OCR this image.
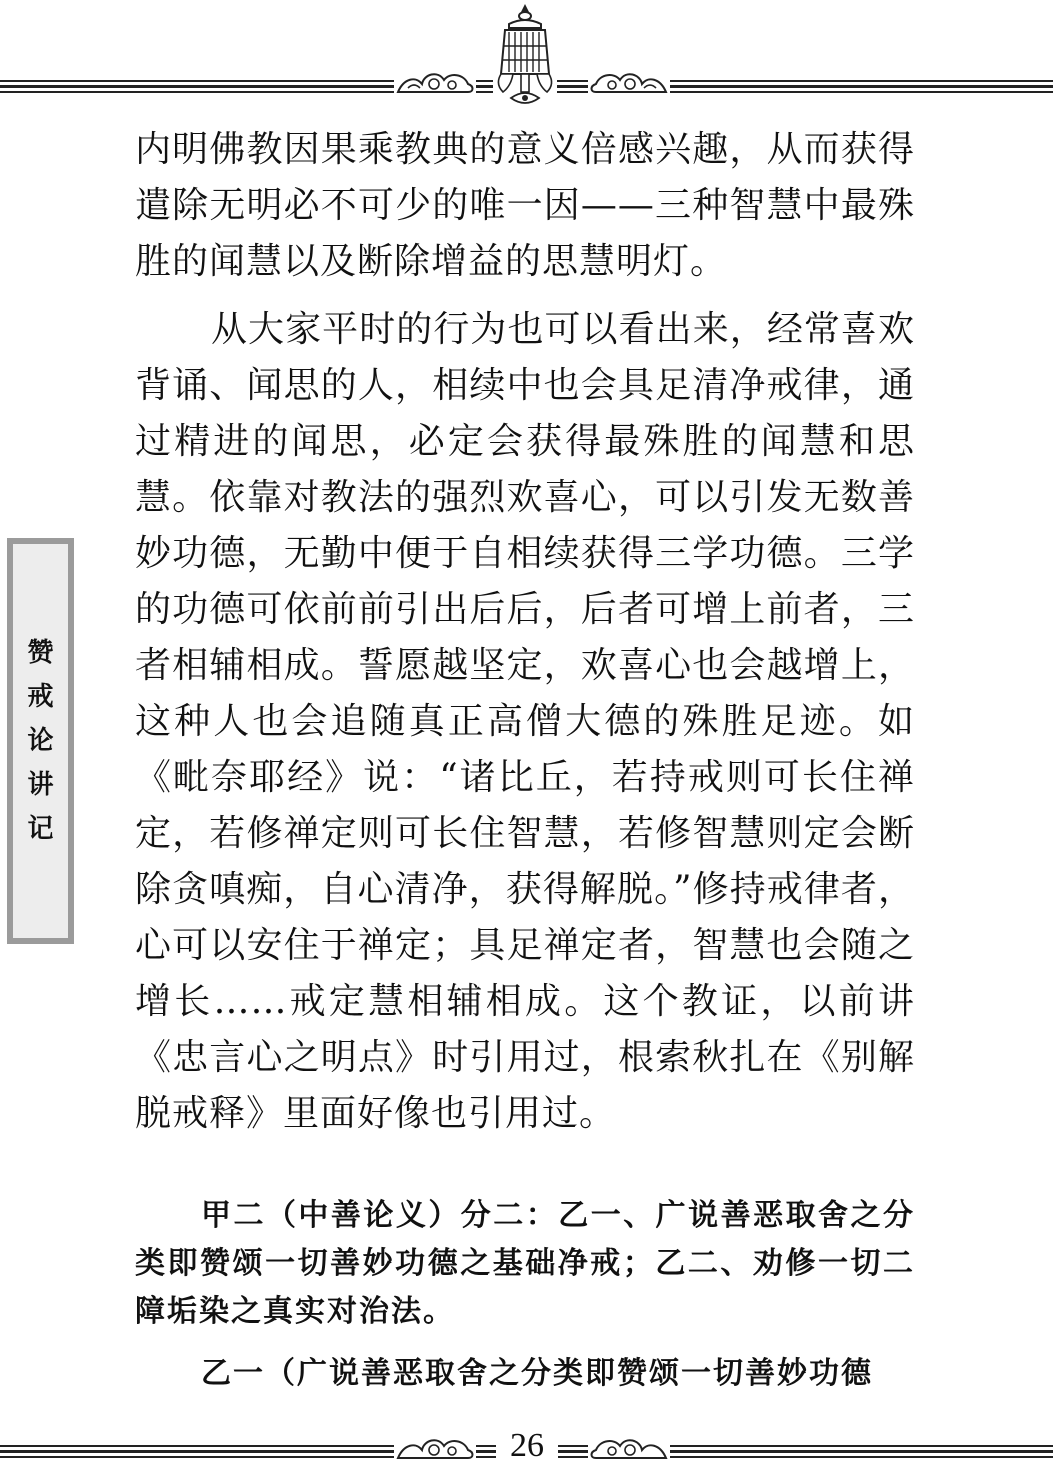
赞
戒
论
讲
记

内明佛教因果乘教典的意义倍感兴趣，从而获得遣除无明必不可少的唯一因——三种智慧中最殊胜的闻慧以及断除增益的思慧明灯。

从大家平时的行为也可以看出来，经常喜欢背诵、闻思的人，相续中也会具足清净戒律，通过精进的闻思，必定会获得最殊胜的闻慧和思慧。依靠对教法的强烈欢喜心，可以引发无数善妙功德，无勤中便于自相续获得三学功德。三学的功德可依前前引出后后，后者可增上前者，三者相辅相成。誓愿越坚定，欢喜心也会越增上，这种人也会追随真正高僧大德的殊胜足迹。如《毗奈耶经》说：“诸比丘，若持戒则可长住禅定，若修禅定则可长住智慧，若修智慧则定会断除贪嗔痴，自心清净，获得解脱。”修持戒律者，心可以安住于禅定；具足禅定者，智慧也会随之增长……戒定慧相辅相成。这个教证，以前讲《忠言心之明点》时引用过，根索秋扎在《别解脱戒释》里面好像也引用过。

甲二（中善论义）分二：乙一、广说善恶取舍之分类即赞颂一切善妙功德之基础净戒；乙二、劝修一切二障垢染之真实对治法。

乙一（广说善恶取舍之分类即赞颂一切善妙功德

26
